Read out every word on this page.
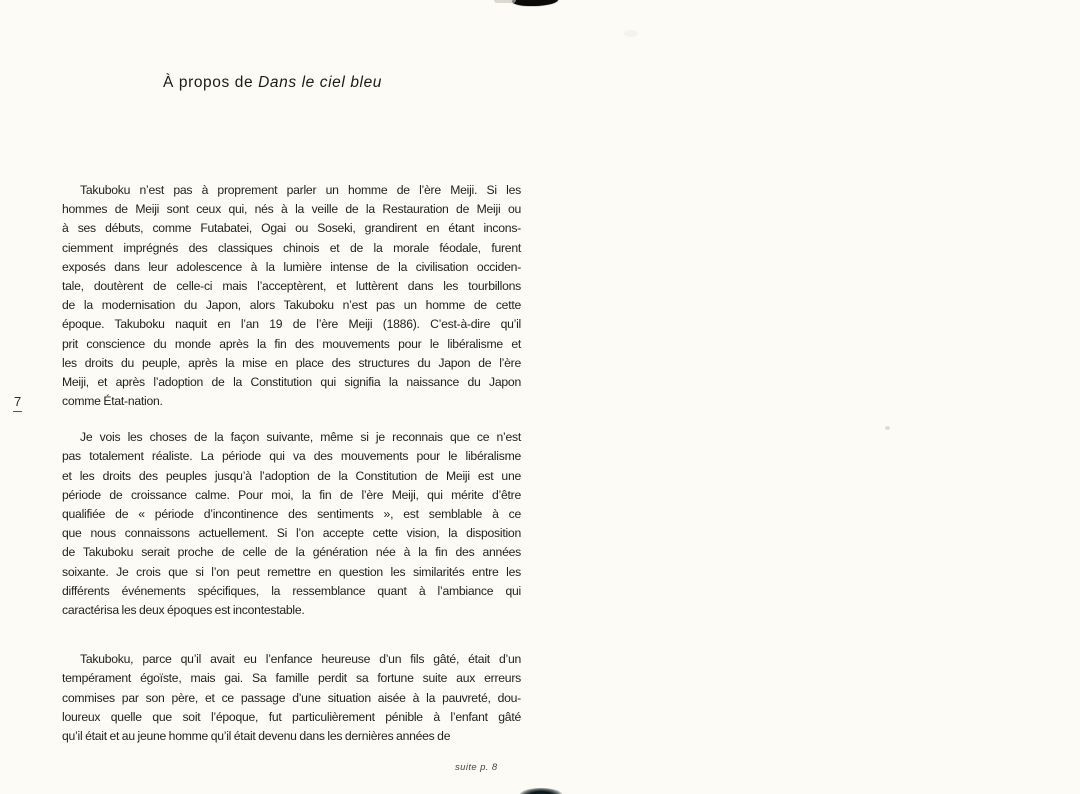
7
À propos de Dans le ciel bleu
Takuboku n’est pas à proprement parler un homme de l’ère Meiji. Si les
hommes de Meiji sont ceux qui, nés à la veille de la Restauration de Meiji ou
à ses débuts, comme Futabatei, Ogai ou Soseki, grandirent en étant incons-
ciemment imprégnés des classiques chinois et de la morale féodale, furent
exposés dans leur adolescence à la lumière intense de la civilisation occiden-
tale, doutèrent de celle-ci mais l’acceptèrent, et luttèrent dans les tourbillons
de la modernisation du Japon, alors Takuboku n’est pas un homme de cette
époque. Takuboku naquit en l’an 19 de l’ère Meiji (1886). C’est-à-dire qu’il
prit conscience du monde après la fin des mouvements pour le libéralisme et
les droits du peuple, après la mise en place des structures du Japon de l’ère
Meiji, et après l’adoption de la Constitution qui signifia la naissance du Japon
comme État-nation.
Je vois les choses de la façon suivante, même si je reconnais que ce n’est
pas totalement réaliste. La période qui va des mouvements pour le libéralisme
et les droits des peuples jusqu’à l’adoption de la Constitution de Meiji est une
période de croissance calme. Pour moi, la fin de l’ère Meiji, qui mérite d’être
qualifiée de « période d’incontinence des sentiments », est semblable à ce
que nous connaissons actuellement. Si l’on accepte cette vision, la disposition
de Takuboku serait proche de celle de la génération née à la fin des années
soixante. Je crois que si l’on peut remettre en question les similarités entre les
différents événements spécifiques, la ressemblance quant à l’ambiance qui
caractérisa les deux époques est incontestable.
Takuboku, parce qu’il avait eu l’enfance heureuse d’un fils gâté, était d’un
tempérament égoïste, mais gai. Sa famille perdit sa fortune suite aux erreurs
commises par son père, et ce passage d’une situation aisée à la pauvreté, dou-
loureux quelle que soit l’époque, fut particulièrement pénible à l’enfant gâté
qu’il était et au jeune homme qu’il était devenu dans les dernières années de
suite p. 8
